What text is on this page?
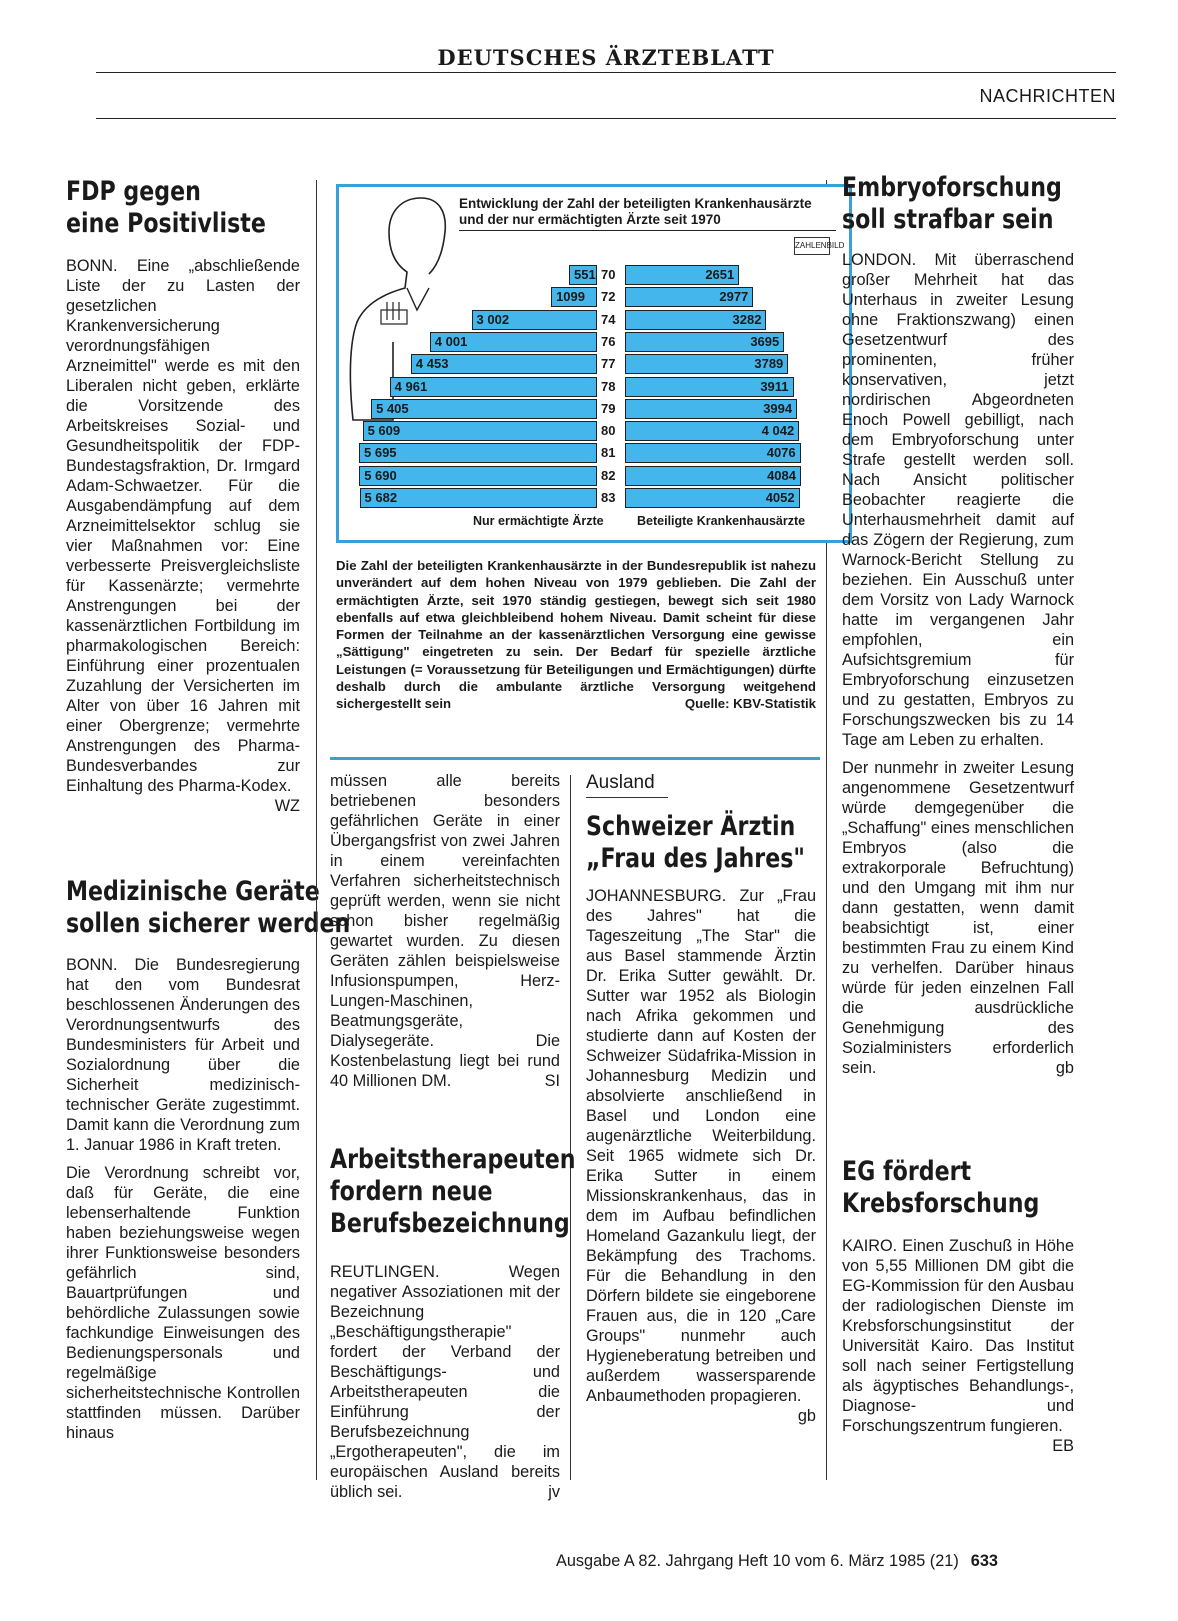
DEUTSCHES ÄRZTEBLATT
NACHRICHTEN
FDP gegen
eine Positivliste

BONN. Eine „abschließende Liste der zu Lasten der gesetzlichen Krankenversicherung verordnungsfähigen Arzneimittel" werde es mit den Liberalen nicht geben, erklärte die Vorsitzende des Arbeitskreises Sozial- und Gesundheitspolitik der FDP-Bundestagsfraktion, Dr. Irmgard Adam-Schwaetzer. Für die Ausgabendämpfung auf dem Arzneimittelsektor schlug sie vier Maßnahmen vor: Eine verbesserte Preisvergleichsliste für Kassenärzte; vermehrte Anstrengungen bei der kassenärztlichen Fortbildung im pharmakologischen Bereich: Einführung einer prozentualen Zuzahlung der Versicherten im Alter von über 16 Jahren mit einer Obergrenze; vermehrte Anstrengungen des Pharma-Bundesverbandes zur Einhaltung des Pharma-Kodex.
WZ

Medizinische Geräte
sollen sicherer werden

BONN. Die Bundesregierung hat den vom Bundesrat beschlossenen Änderungen des Verordnungsentwurfs des Bundesministers für Arbeit und Sozialordnung über die Sicherheit medizinisch-technischer Geräte zugestimmt. Damit kann die Verordnung zum 1. Januar 1986 in Kraft treten.

Die Verordnung schreibt vor, daß für Geräte, die eine lebenserhaltende Funktion haben beziehungsweise wegen ihrer Funktionsweise besonders gefährlich sind, Bauartprüfungen und behördliche Zulassungen sowie fachkundige Einweisungen des Bedienungspersonals und regelmäßige sicherheitstechnische Kontrollen stattfinden müssen. Darüber hinaus

Entwicklung der Zahl der beteiligten Krankenhausärzte
und der nur ermächtigten Ärzte seit 1970
ZAHLENBILD
551 70	2651
1099	72	2977
3 002	74	3282
4 001	76	3695
4 453	77	3789
4 961	78	3911
5 405	79	3994
5 609	80	4 042
5 695	81	4076
5 690	82	4084
5 682	83	4052
Nur ermächtigte Ärzte	Beteiligte Krankenhausärzte
Die Zahl der beteiligten Krankenhausärzte in der Bundesrepublik ist nahezu unverändert auf dem hohen Niveau von 1979 geblieben. Die Zahl der ermächtigten Ärzte, seit 1970 ständig gestiegen, bewegt sich seit 1980 ebenfalls auf etwa gleichbleibend hohem Niveau. Damit scheint für diese Formen der Teilnahme an der kassenärztlichen Versorgung eine gewisse „Sättigung" eingetreten zu sein. Der Bedarf für spezielle ärztliche Leistungen (= Voraussetzung für Beteiligungen und Ermächtigungen) dürfte deshalb durch die ambulante ärztliche Versorgung weitgehend sichergestellt sein	Quelle: KBV-Statistik

müssen alle bereits betriebenen besonders gefährlichen Geräte in einer Übergangsfrist von zwei Jahren in einem vereinfachten Verfahren sicherheitstechnisch geprüft werden, wenn sie nicht schon bisher regelmäßig gewartet wurden. Zu diesen Geräten zählen beispielsweise Infusionspumpen, Herz-Lungen-Maschinen, Beatmungsgeräte, Dialysegeräte. Die Kostenbelastung liegt bei rund 40 Millionen DM.	SI

Arbeitstherapeuten
fordern neue
Berufsbezeichnung

REUTLINGEN. Wegen negativer Assoziationen mit der Bezeichnung „Beschäftigungstherapie" fordert der Verband der Beschäftigungs- und Arbeitstherapeuten die Einführung der Berufsbezeichnung „Ergotherapeuten", die im europäischen Ausland bereits üblich sei.	jv

Ausland
Schweizer Ärztin
„Frau des Jahres"

JOHANNESBURG. Zur „Frau des Jahres" hat die Tageszeitung „The Star" die aus Basel stammende Ärztin Dr. Erika Sutter gewählt. Dr. Sutter war 1952 als Biologin nach Afrika gekommen und studierte dann auf Kosten der Schweizer Südafrika-Mission in Johannesburg Medizin und absolvierte anschließend in Basel und London eine augenärztliche Weiterbildung. Seit 1965 widmete sich Dr. Erika Sutter in einem Missionskrankenhaus, das in dem im Aufbau befindlichen Homeland Gazankulu liegt, der Bekämpfung des Trachoms. Für die Behandlung in den Dörfern bildete sie eingeborene Frauen aus, die in 120 „Care Groups" nunmehr auch Hygieneberatung betreiben und außerdem wassersparende Anbaumethoden propagieren.
gb

Embryoforschung
soll strafbar sein

LONDON. Mit überraschend großer Mehrheit hat das Unterhaus in zweiter Lesung ohne Fraktionszwang) einen Gesetzentwurf des prominenten, früher konservativen, jetzt nordirischen Abgeordneten Enoch Powell gebilligt, nach dem Embryoforschung unter Strafe gestellt werden soll. Nach Ansicht politischer Beobachter reagierte die Unterhausmehrheit damit auf das Zögern der Regierung, zum Warnock-Bericht Stellung zu beziehen. Ein Ausschuß unter dem Vorsitz von Lady Warnock hatte im vergangenen Jahr empfohlen, ein Aufsichtsgremium für Embryoforschung einzusetzen und zu gestatten, Embryos zu Forschungszwecken bis zu 14 Tage am Leben zu erhalten.

Der nunmehr in zweiter Lesung angenommene Gesetzentwurf würde demgegenüber die „Schaffung" eines menschlichen Embryos (also die extrakorporale Befruchtung) und den Umgang mit ihm nur dann gestatten, wenn damit beabsichtigt ist, einer bestimmten Frau zu einem Kind zu verhelfen. Darüber hinaus würde für jeden einzelnen Fall die ausdrückliche Genehmigung des Sozialministers erforderlich sein.	gb

EG fördert
Krebsforschung

KAIRO. Einen Zuschuß in Höhe von 5,55 Millionen DM gibt die EG-Kommission für den Ausbau der radiologischen Dienste im Krebsforschungsinstitut der Universität Kairo. Das Institut soll nach seiner Fertigstellung als ägyptisches Behandlungs-, Diagnose- und Forschungszentrum fungieren.
EB

Ausgabe A 82. Jahrgang Heft 10 vom 6. März 1985 (21) 633
